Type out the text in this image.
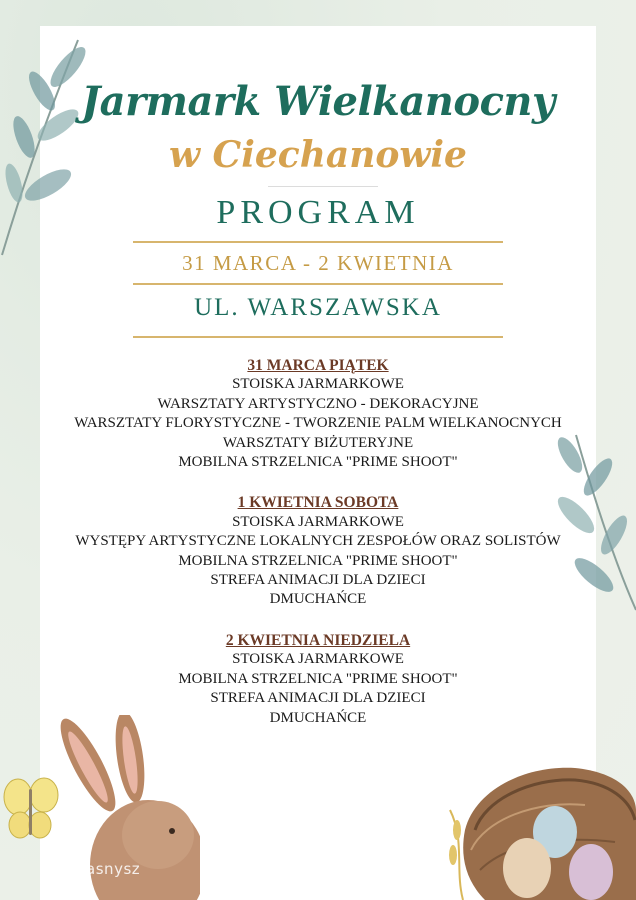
Jarmark Wielkanocny
w Ciechanowie
PROGRAM
31 MARCA - 2 KWIETNIA
UL. WARSZAWSKA
31 MARCA PIĄTEK
STOISKA JARMARKOWE
WARSZTATY ARTYSTYCZNO - DEKORACYJNE
WARSZTATY FLORYSTYCZNE - TWORZENIE PALM WIELKANOCNYCH
WARSZTATY BIŻUTERYJNE
MOBILNA STRZELNICA "PRIME SHOOT"
1 KWIETNIA SOBOTA
STOISKA JARMARKOWE
WYSTĘPY ARTYSTYCZNE LOKALNYCH ZESPOŁÓW ORAZ SOLISTÓW
MOBILNA STRZELNICA "PRIME SHOOT"
STREFA ANIMACJI DLA DZIECI
DMUCHAŃCE
2 KWIETNIA NIEDZIELA
STOISKA JARMARKOWE
MOBILNA STRZELNICA "PRIME SHOOT"
STREFA ANIMACJI DLA DZIECI
DMUCHAŃCE
ePrzasnysz
